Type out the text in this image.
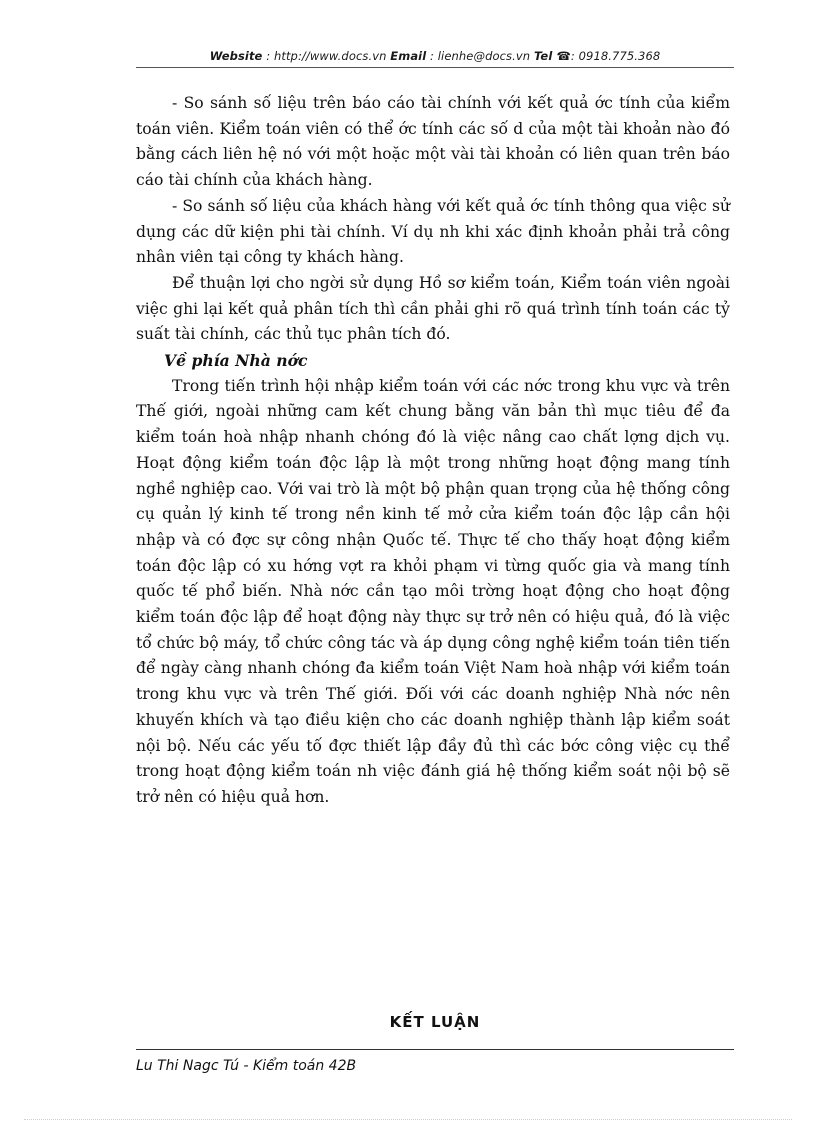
Website : http://www.docs.vn Email : lienhe@docs.vn Tel ☎: 0918.775.368

- So sánh số liệu trên báo cáo tài chính với kết quả ớc tính của kiểm toán viên. Kiểm toán viên có thể ớc tính các số d của một tài khoản nào đó bằng cách liên hệ nó với một hoặc một vài tài khoản có liên quan trên báo cáo tài chính của khách hàng.

- So sánh số liệu của khách hàng với kết quả ớc tính thông qua việc sử dụng các dữ kiện phi tài chính. Ví dụ nh khi xác định khoản phải trả công nhân viên tại công ty khách hàng.

Để thuận lợi cho ngời sử dụng Hồ sơ kiểm toán, Kiểm toán viên ngoài việc ghi lại kết quả phân tích thì cần phải ghi rõ quá trình tính toán các tỷ suất tài chính, các thủ tục phân tích đó.

Về phía Nhà nớc

Trong tiến trình hội nhập kiểm toán với các nớc trong khu vực và trên Thế giới, ngoài những cam kết chung bằng văn bản thì mục tiêu để đa kiểm toán hoà nhập nhanh chóng đó là việc nâng cao chất lợng dịch vụ. Hoạt động kiểm toán độc lập là một trong những hoạt động mang tính nghề nghiệp cao. Với vai trò là một bộ phận quan trọng của hệ thống công cụ quản lý kinh tế trong nền kinh tế mở cửa kiểm toán độc lập cần hội nhập và có đợc sự công nhận Quốc tế. Thực tế cho thấy hoạt động kiểm toán độc lập có xu hớng vợt ra khỏi phạm vi từng quốc gia và mang tính quốc tế phổ biến. Nhà nớc cần tạo môi trờng hoạt động cho hoạt động kiểm toán độc lập để hoạt động này thực sự trở nên có hiệu quả, đó là việc tổ chức bộ máy, tổ chức công tác và áp dụng công nghệ kiểm toán tiên tiến để ngày càng nhanh chóng đa kiểm toán Việt Nam hoà nhập với kiểm toán trong khu vực và trên Thế giới. Đối với các doanh nghiệp Nhà nớc nên khuyến khích và tạo điều kiện cho các doanh nghiệp thành lập kiểm soát nội bộ. Nếu các yếu tố đợc thiết lập đầy đủ thì các bớc công việc cụ thể trong hoạt động kiểm toán nh việc đánh giá hệ thống kiểm soát nội bộ sẽ trở nên có hiệu quả hơn.

KẾT LUẬN
Lu Thi Nagc Tú - Kiểm toán 42B
